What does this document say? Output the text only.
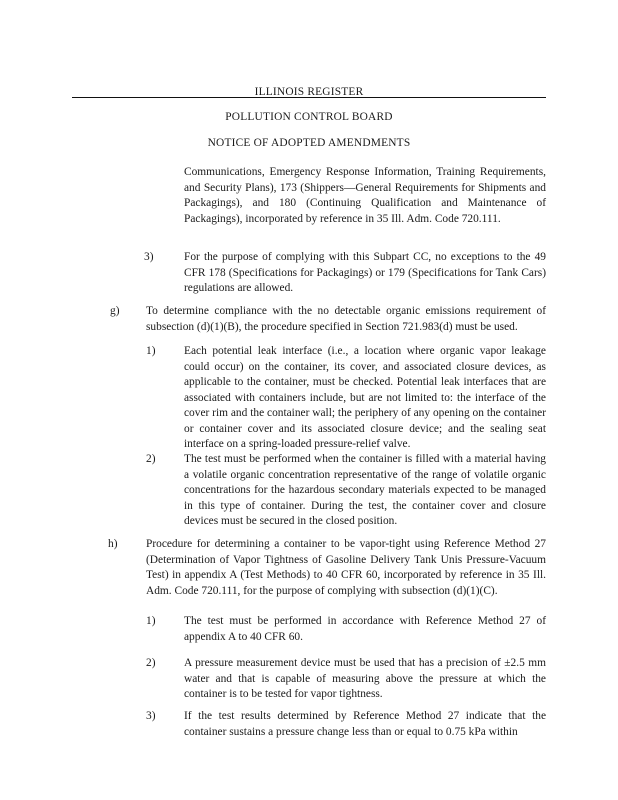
ILLINOIS REGISTER
POLLUTION CONTROL BOARD
NOTICE OF ADOPTED AMENDMENTS
Communications, Emergency Response Information, Training Requirements, and Security Plans), 173 (Shippers—General Requirements for Shipments and Packagings), and 180 (Continuing Qualification and Maintenance of Packagings), incorporated by reference in 35 Ill. Adm. Code 720.111.
3)	For the purpose of complying with this Subpart CC, no exceptions to the 49 CFR 178 (Specifications for Packagings) or 179 (Specifications for Tank Cars) regulations are allowed.
g) To determine compliance with the no detectable organic emissions requirement of subsection (d)(1)(B), the procedure specified in Section 721.983(d) must be used.
1)	Each potential leak interface (i.e., a location where organic vapor leakage could occur) on the container, its cover, and associated closure devices, as applicable to the container, must be checked. Potential leak interfaces that are associated with containers include, but are not limited to: the interface of the cover rim and the container wall; the periphery of any opening on the container or container cover and its associated closure device; and the sealing seat interface on a spring-loaded pressure-relief valve.
2)	The test must be performed when the container is filled with a material having a volatile organic concentration representative of the range of volatile organic concentrations for the hazardous secondary materials expected to be managed in this type of container. During the test, the container cover and closure devices must be secured in the closed position.
h)	Procedure for determining a container to be vapor-tight using Reference Method 27 (Determination of Vapor Tightness of Gasoline Delivery Tank Unis Pressure-Vacuum Test) in appendix A (Test Methods) to 40 CFR 60, incorporated by reference in 35 Ill. Adm. Code 720.111, for the purpose of complying with subsection (d)(1)(C).
1)	The test must be performed in accordance with Reference Method 27 of appendix A to 40 CFR 60.
2)	A pressure measurement device must be used that has a precision of ±2.5 mm water and that is capable of measuring above the pressure at which the container is to be tested for vapor tightness.
3)	If the test results determined by Reference Method 27 indicate that the container sustains a pressure change less than or equal to 0.75 kPa within
